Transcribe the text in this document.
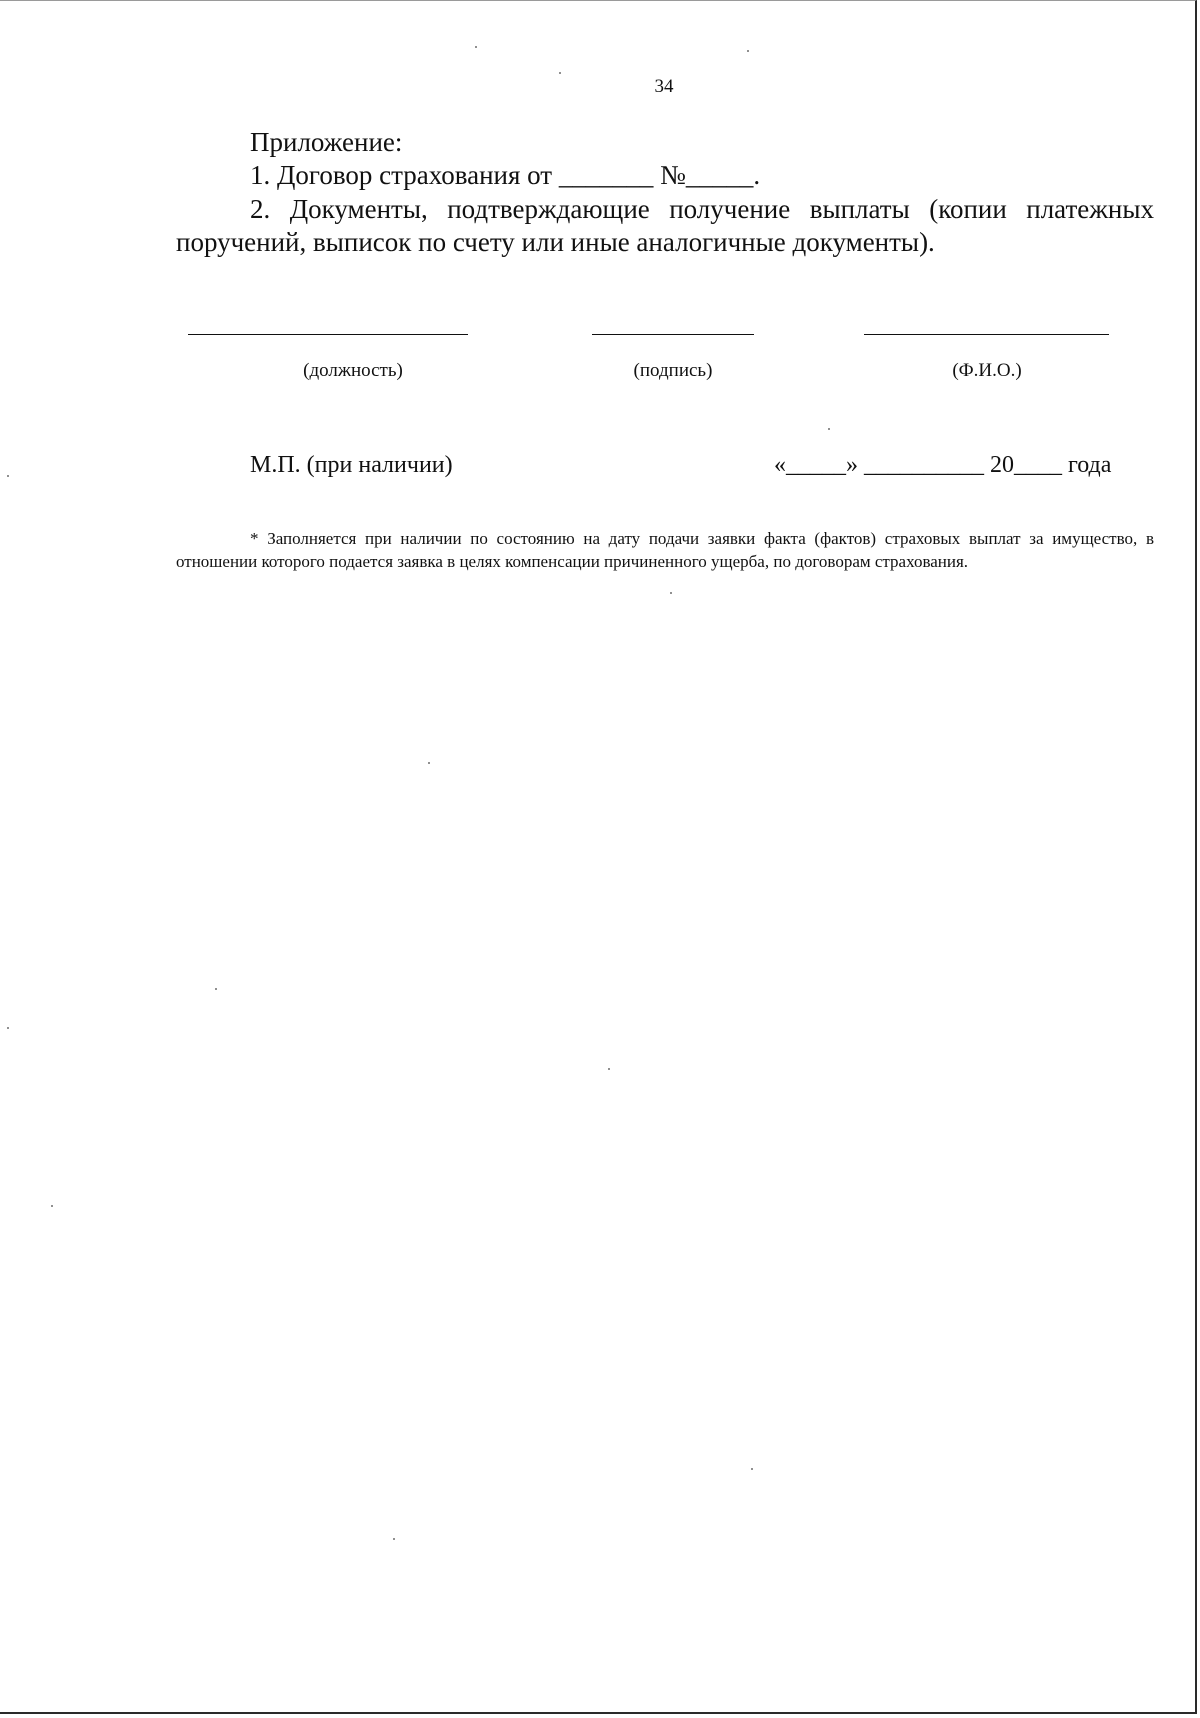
34
Приложение:
1. Договор страхования от _______ №_____.
2. Документы, подтверждающие получение выплаты (копии платежных поручений, выписок по счету или иные аналогичные документы).
(должность)	(подпись)	(Ф.И.О.)
М.П. (при наличии)	«_____» __________ 20____ года
* Заполняется при наличии по состоянию на дату подачи заявки факта (фактов) страховых выплат за имущество, в отношении которого подается заявка в целях компенсации причиненного ущерба, по договорам страхования.
